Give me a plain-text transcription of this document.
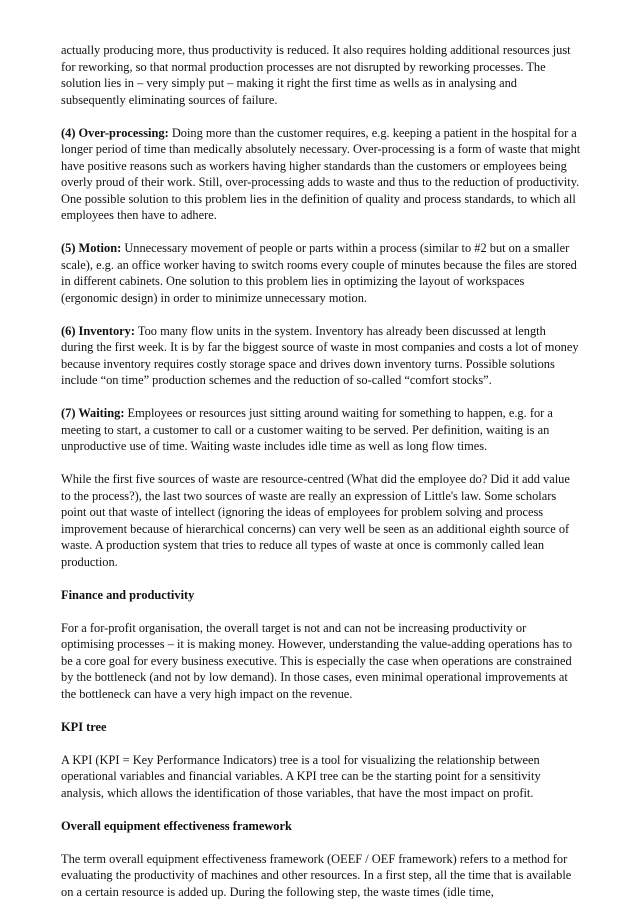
actually producing more, thus productivity is reduced. It also requires holding additional resources just for reworking, so that normal production processes are not disrupted by reworking processes. The solution lies in – very simply put – making it right the first time as wells as in analysing and subsequently eliminating sources of failure.

(4) Over-processing: Doing more than the customer requires, e.g. keeping a patient in the hospital for a longer period of time than medically absolutely necessary. Over-processing is a form of waste that might have positive reasons such as workers having higher standards than the customers or employees being overly proud of their work. Still, over-processing adds to waste and thus to the reduction of productivity. One possible solution to this problem lies in the definition of quality and process standards, to which all employees then have to adhere.

(5) Motion: Unnecessary movement of people or parts within a process (similar to #2 but on a smaller scale), e.g. an office worker having to switch rooms every couple of minutes because the files are stored in different cabinets. One solution to this problem lies in optimizing the layout of workspaces (ergonomic design) in order to minimize unnecessary motion.

(6) Inventory: Too many flow units in the system. Inventory has already been discussed at length during the first week. It is by far the biggest source of waste in most companies and costs a lot of money because inventory requires costly storage space and drives down inventory turns. Possible solutions include “on time” production schemes and the reduction of so-called “comfort stocks”.

(7) Waiting: Employees or resources just sitting around waiting for something to happen, e.g. for a meeting to start, a customer to call or a customer waiting to be served. Per definition, waiting is an unproductive use of time. Waiting waste includes idle time as well as long flow times.

While the first five sources of waste are resource-centred (What did the employee do? Did it add value to the process?), the last two sources of waste are really an expression of Little's law. Some scholars point out that waste of intellect (ignoring the ideas of employees for problem solving and process improvement because of hierarchical concerns) can very well be seen as an additional eighth source of waste. A production system that tries to reduce all types of waste at once is commonly called lean production.

Finance and productivity

For a for-profit organisation, the overall target is not and can not be increasing productivity or optimising processes – it is making money. However, understanding the value-adding operations has to be a core goal for every business executive. This is especially the case when operations are constrained by the bottleneck (and not by low demand). In those cases, even minimal operational improvements at the bottleneck can have a very high impact on the revenue.

KPI tree

A KPI (KPI = Key Performance Indicators) tree is a tool for visualizing the relationship between operational variables and financial variables. A KPI tree can be the starting point for a sensitivity analysis, which allows the identification of those variables, that have the most impact on profit.

Overall equipment effectiveness framework

The term overall equipment effectiveness framework (OEEF / OEF framework) refers to a method for evaluating the productivity of machines and other resources. In a first step, all the time that is available on a certain resource is added up. During the following step, the waste times (idle time,
